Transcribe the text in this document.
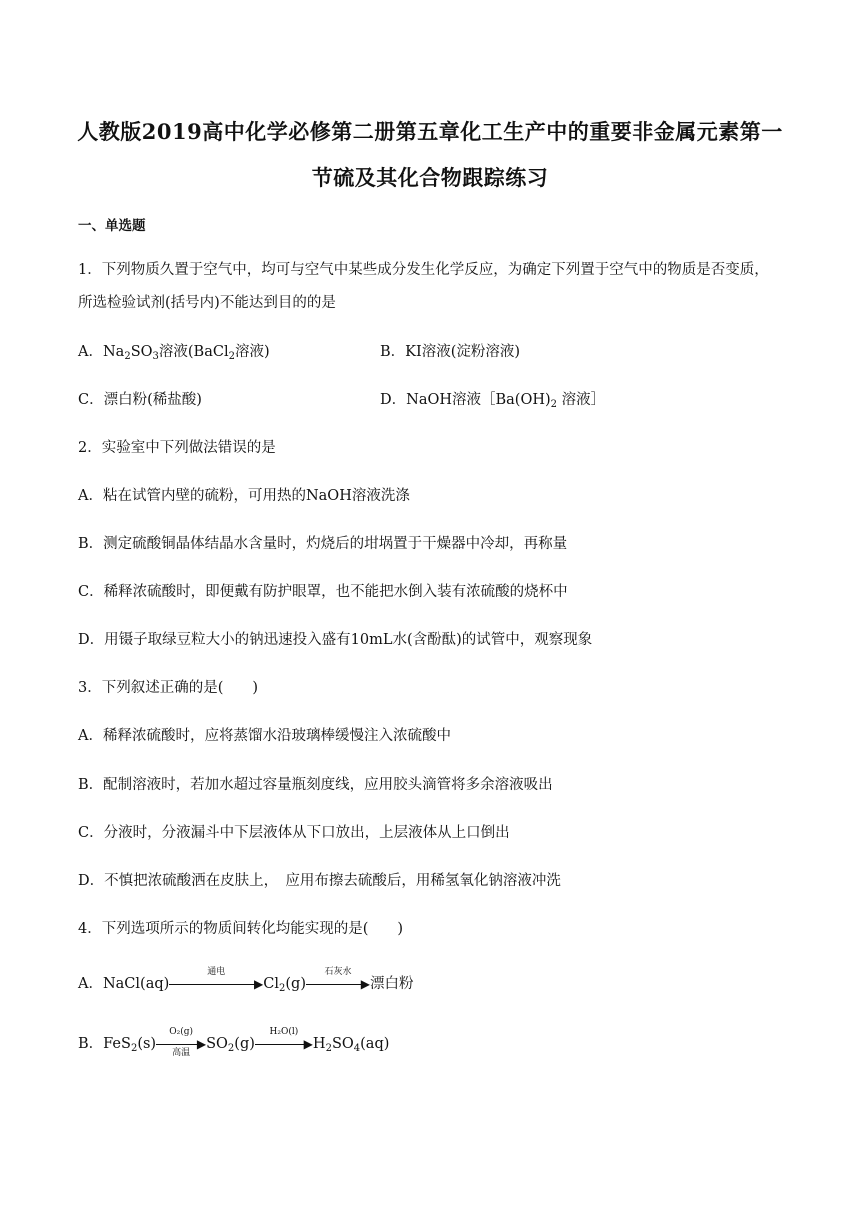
人教版2019高中化学必修第二册第五章化工生产中的重要非金属元素第一
节硫及其化合物跟踪练习
一、单选题
1．下列物质久置于空气中，均可与空气中某些成分发生化学反应，为确定下列置于空气中的物质是否变质，
所选检验试剂(括号内)不能达到目的的是
A．$Na_2SO_3$溶液(BaCl$_2$溶液)	B．KI溶液(淀粉溶液)
C．漂白粉(稀盐酸)	D．NaOH溶液$[Ba(OH)_2$ 溶液］
2．实验室中下列做法错误的是
A．粘在试管内壁的硫粉，可用热的NaOH溶液洗涤
B．测定硫酸铜晶体结晶水含量时，灼烧后的坩埚置于干燥器中冷却，再称量
C．稀释浓硫酸时，即便戴有防护眼罩，也不能把水倒入装有浓硫酸的烧杯中
D．用镊子取绿豆粒大小的钠迅速投入盛有10mL水(含酚酞)的试管中，观察现象
3．下列叙述正确的是(　　)
A．稀释浓硫酸时，应将蒸馏水沿玻璃棒缓慢注入浓硫酸中
B．配制溶液时，若加水超过容量瓶刻度线，应用胶头滴管将多余溶液吸出
C．分液时，分液漏斗中下层液体从下口放出，上层液体从上口倒出
D．不慎把浓硫酸洒在皮肤上，　应用布擦去硫酸后，用稀氢氧化钠溶液冲洗
4．下列选项所示的物质间转化均能实现的是(　　)
A．NaCl(aq)
通电
▶ $Cl_2(g)$
石灰水
▶ 漂白粉
B．FeS$_2$(s)
O₂(g)
▶
高温
$SO_2(g)$
H₂O(l)
▶ $H_2SO_4(aq)$
